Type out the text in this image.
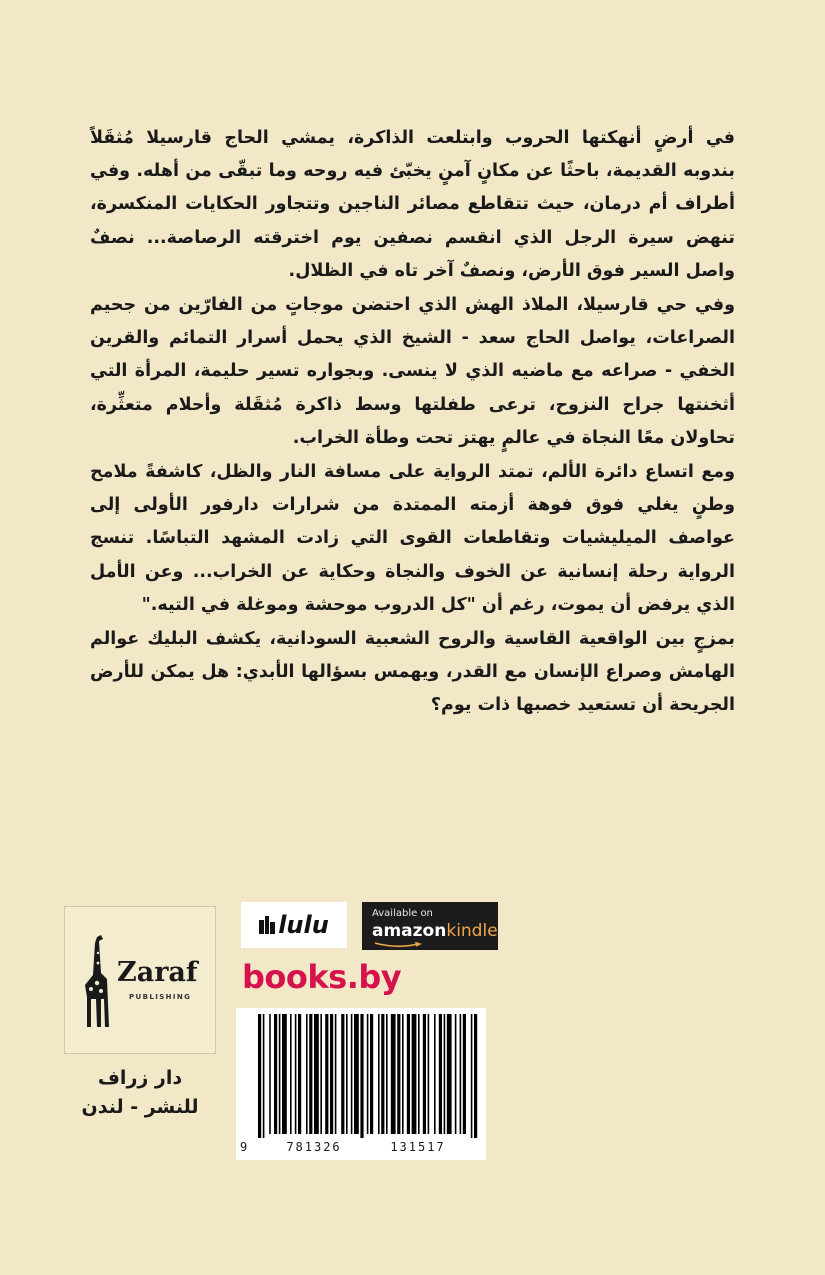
في أرضٍ أنهكتها الحروب وابتلعت الذاكرة، يمشي الحاج قارسيلا مُثقَلاً بندوبه القديمة، باحثًا عن مكانٍ آمنٍ يخبّئ فيه روحه وما تبقّى من أهله. وفي أطراف أم درمان، حيث تتقاطع مصائر الناجين وتتجاور الحكايات المنكسرة، تنهض سيرة الرجل الذي انقسم نصفين يوم اخترقته الرصاصة... نصفٌ واصل السير فوق الأرض، ونصفٌ آخر تاه في الظلال.

وفي حي قارسيلا، الملاذ الهش الذي احتضن موجاتٍ من الفارّين من جحيم الصراعات، يواصل الحاج سعد - الشيخ الذي يحمل أسرار التمائم والقرين الخفي - صراعه مع ماضيه الذي لا ينسى. وبجواره تسير حليمة، المرأة التي أثخنتها جراح النزوح، ترعى طفلتها وسط ذاكرة مُثقَلة وأحلام متعثِّرة، تحاولان معًا النجاة في عالمٍ يهتز تحت وطأة الخراب.

ومع اتساع دائرة الألم، تمتد الرواية على مسافة النار والظل، كاشفةً ملامح وطنٍ يغلي فوق فوهة أزمته الممتدة من شرارات دارفور الأولى إلى عواصف الميليشيات وتقاطعات القوى التي زادت المشهد التباسًا. تنسج الرواية رحلة إنسانية عن الخوف والنجاة وحكاية عن الخراب... وعن الأمل الذي يرفض أن يموت، رغم أن "كل الدروب موحشة وموغلة في التيه."

بمزجٍ بين الواقعية القاسية والروح الشعبية السودانية، يكشف البليك عوالم الهامش وصراع الإنسان مع القدر، ويهمس بسؤالها الأبدي: هل يمكن للأرض الجريحة أن تستعيد خصبها ذات يوم؟

Zaraf
PUBLISHING
دار زراف
للنشر - لندن
lulu	Available on
amazonkindle
books.by
9	781326	131517
